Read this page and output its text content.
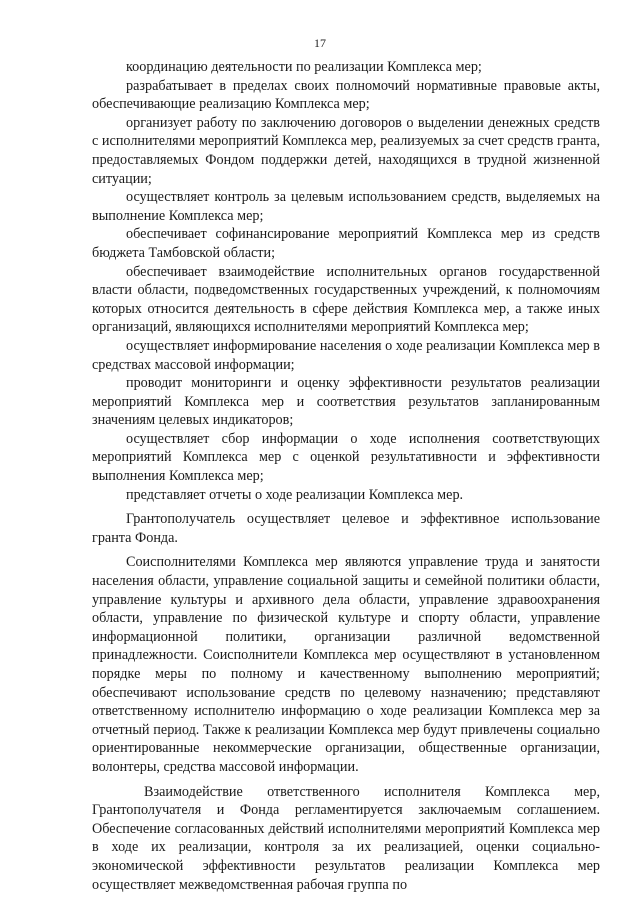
17

координацию деятельности по реализации Комплекса мер;

разрабатывает в пределах своих полномочий нормативные правовые акты, обеспечивающие реализацию Комплекса мер;

организует работу по заключению договоров о выделении денежных средств с исполнителями мероприятий Комплекса мер, реализуемых за счет средств гранта, предоставляемых Фондом поддержки детей, находящихся в трудной жизненной ситуации;

осуществляет контроль за целевым использованием средств, выделяемых на выполнение Комплекса мер;

обеспечивает софинансирование мероприятий Комплекса мер из средств бюджета Тамбовской области;

обеспечивает взаимодействие исполнительных органов государственной власти области, подведомственных государственных учреждений, к полномочиям которых относится деятельность в сфере действия Комплекса мер, а также иных организаций, являющихся исполнителями мероприятий Комплекса мер;

осуществляет информирование населения о ходе реализации Комплекса мер в средствах массовой информации;

проводит мониторинги и оценку эффективности результатов реализации мероприятий Комплекса мер и соответствия результатов запланированным значениям целевых индикаторов;

осуществляет сбор информации о ходе исполнения соответствующих мероприятий Комплекса мер с оценкой результативности и эффективности выполнения Комплекса мер;

представляет отчеты о ходе реализации Комплекса мер.

Грантополучатель осуществляет целевое и эффективное использование гранта Фонда.

Соисполнителями Комплекса мер являются управление труда и занятости населения области, управление социальной защиты и семейной политики области, управление культуры и архивного дела области, управление здравоохранения области, управление по физической культуре и спорту области, управление информационной политики, организации различной ведомственной принадлежности. Соисполнители Комплекса мер осуществляют в установленном порядке меры по полному и качественному выполнению мероприятий; обеспечивают использование средств по целевому назначению; представляют ответственному исполнителю информацию о ходе реализации Комплекса мер за отчетный период. Также к реализации Комплекса мер будут привлечены социально ориентированные некоммерческие организации, общественные организации, волонтеры, средства массовой информации.

Взаимодействие ответственного исполнителя Комплекса мер, Грантополучателя и Фонда регламентируется заключаемым соглашением. Обеспечение согласованных действий исполнителями мероприятий Комплекса мер в ходе их реализации, контроля за их реализацией, оценки социально-экономической эффективности результатов реализации Комплекса мер осуществляет межведомственная рабочая группа по
